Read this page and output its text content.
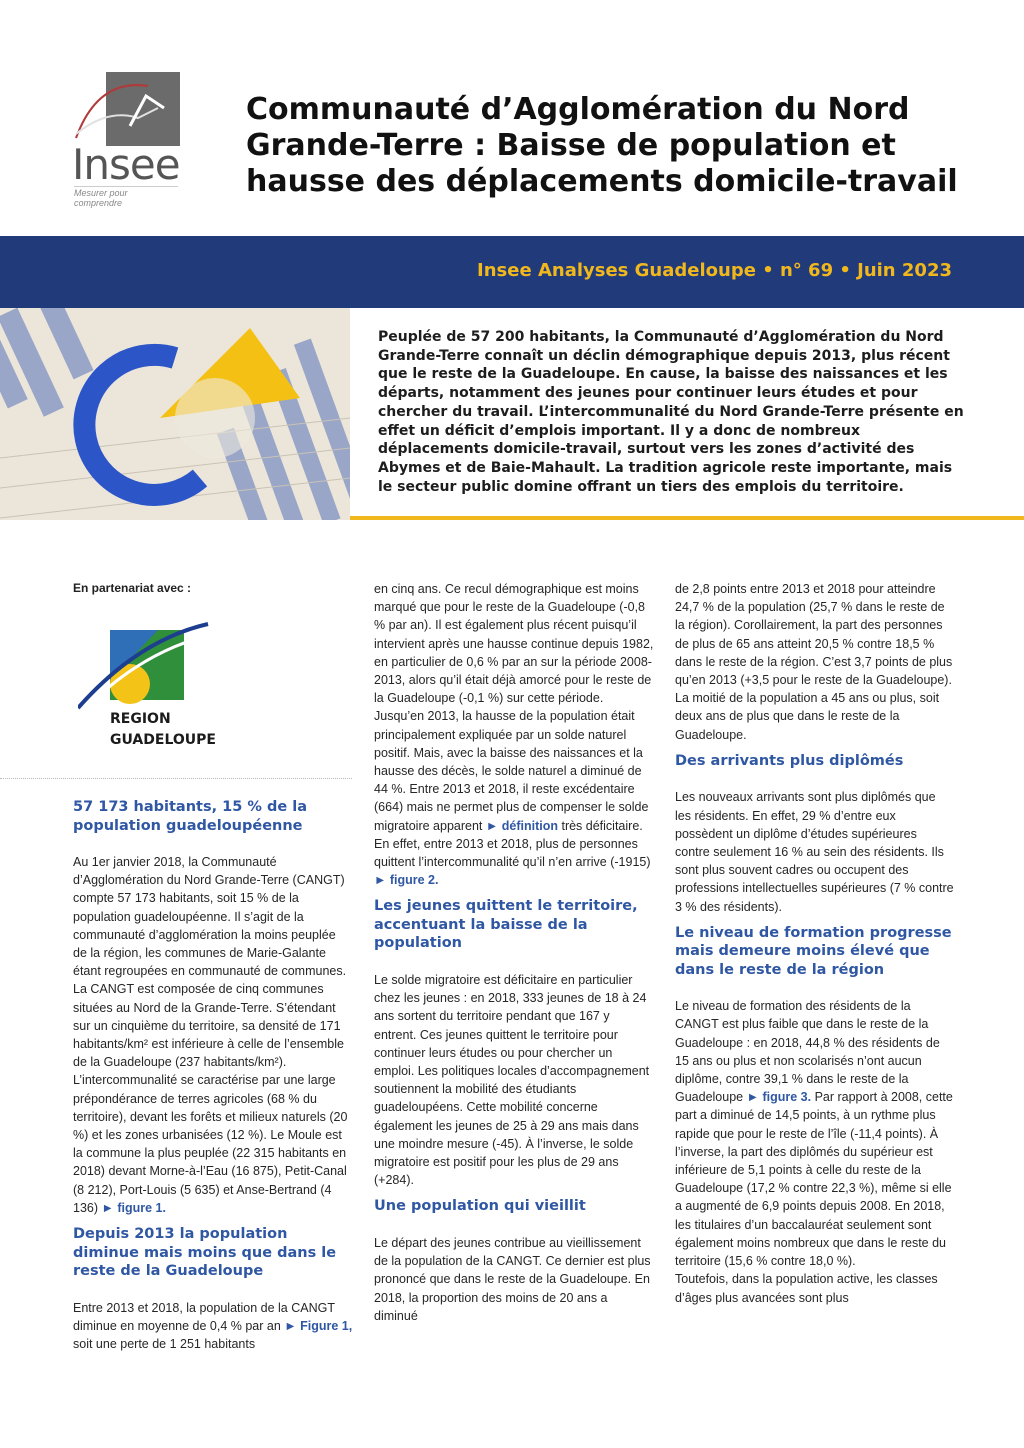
Insee
Mesurer pour comprendre
Communauté d’Agglomération du Nord Grande-Terre : Baisse de population et hausse des déplacements domicile-travail
Insee Analyses Guadeloupe • n° 69 • Juin 2023
Peuplée de 57 200 habitants, la Communauté d’Agglomération du Nord Grande-Terre connaît un déclin démographique depuis 2013, plus récent que le reste de la Guadeloupe. En cause, la baisse des naissances et les départs, notamment des jeunes pour continuer leurs études et pour chercher du travail. L’intercommunalité du Nord Grande-Terre présente en effet un déficit d’emplois important. Il y a donc de nombreux déplacements domicile-travail, surtout vers les zones d’activité des Abymes et de Baie-Mahault. La tradition agricole reste importante, mais le secteur public domine offrant un tiers des emplois du territoire.
En partenariat avec :
REGION
GUADELOUPE
57 173 habitants, 15 % de la population guadeloupéenne

Au 1er janvier 2018, la Communauté d’Agglomération du Nord Grande-Terre (CANGT) compte 57 173 habitants, soit 15 % de la population guadeloupéenne. Il s’agit de la communauté d’agglomération la moins peuplée de la région, les communes de Marie-Galante étant regroupées en communauté de communes. La CANGT est composée de cinq communes situées au Nord de la Grande-Terre. S’étendant sur un cinquième du territoire, sa densité de 171 habitants/km² est inférieure à celle de l’ensemble de la Guadeloupe (237 habitants/km²). L’intercommunalité se caractérise par une large prépondérance de terres agricoles (68 % du territoire), devant les forêts et milieux naturels (20 %) et les zones urbanisées (12 %). Le Moule est la commune la plus peuplée (22 315 habitants en 2018) devant Morne-à-l’Eau (16 875), Petit-Canal (8 212), Port-Louis (5 635) et Anse-Bertrand (4 136) ► figure 1.

Depuis 2013 la population diminue mais moins que dans le reste de la Guadeloupe

Entre 2013 et 2018, la population de la CANGT diminue en moyenne de 0,4 % par an ► Figure 1, soit une perte de 1 251 habitants

en cinq ans. Ce recul démographique est moins marqué que pour le reste de la Guadeloupe (-0,8 % par an). Il est également plus récent puisqu’il intervient après une hausse continue depuis 1982, en particulier de 0,6 % par an sur la période 2008-2013, alors qu’il était déjà amorcé pour le reste de la Guadeloupe (-0,1 %) sur cette période. Jusqu’en 2013, la hausse de la population était principalement expliquée par un solde naturel positif. Mais, avec la baisse des naissances et la hausse des décès, le solde naturel a diminué de 44 %. Entre 2013 et 2018, il reste excédentaire (664) mais ne permet plus de compenser le solde migratoire apparent ► définition très déficitaire. En effet, entre 2013 et 2018, plus de personnes quittent l’intercommunalité qu’il n’en arrive (-1915) ► figure 2.

Les jeunes quittent le territoire, accentuant la baisse de la population

Le solde migratoire est déficitaire en particulier chez les jeunes : en 2018, 333 jeunes de 18 à 24 ans sortent du territoire pendant que 167 y entrent. Ces jeunes quittent le territoire pour continuer leurs études ou pour chercher un emploi. Les politiques locales d’accompagnement soutiennent la mobilité des étudiants guadeloupéens. Cette mobilité concerne également les jeunes de 25 à 29 ans mais dans une moindre mesure (-45). À l’inverse, le solde migratoire est positif pour les plus de 29 ans (+284).

Une population qui vieillit

Le départ des jeunes contribue au vieillissement de la population de la CANGT. Ce dernier est plus prononcé que dans le reste de la Guadeloupe. En 2018, la proportion des moins de 20 ans a diminué

de 2,8 points entre 2013 et 2018 pour atteindre 24,7 % de la population (25,7 % dans le reste de la région). Corollairement, la part des personnes de plus de 65 ans atteint 20,5 % contre 18,5 % dans le reste de la région. C’est 3,7 points de plus qu’en 2013 (+3,5 pour le reste de la Guadeloupe). La moitié de la population a 45 ans ou plus, soit deux ans de plus que dans le reste de la Guadeloupe.

Des arrivants plus diplômés

Les nouveaux arrivants sont plus diplômés que les résidents. En effet, 29 % d’entre eux possèdent un diplôme d’études supérieures contre seulement 16 % au sein des résidents. Ils sont plus souvent cadres ou occupent des professions intellectuelles supérieures (7 % contre 3 % des résidents).

Le niveau de formation progresse mais demeure moins élevé que dans le reste de la région

Le niveau de formation des résidents de la CANGT est plus faible que dans le reste de la Guadeloupe : en 2018, 44,8 % des résidents de 15 ans ou plus et non scolarisés n’ont aucun diplôme, contre 39,1 % dans le reste de la Guadeloupe ► figure 3. Par rapport à 2008, cette part a diminué de 14,5 points, à un rythme plus rapide que pour le reste de l’île (-11,4 points). À l’inverse, la part des diplômés du supérieur est inférieure de 5,1 points à celle du reste de la Guadeloupe (17,2 % contre 22,3 %), même si elle a augmenté de 6,9 points depuis 2008. En 2018, les titulaires d’un baccalauréat seulement sont également moins nombreux que dans le reste du territoire (15,6 % contre 18,0 %).

Toutefois, dans la population active, les classes d’âges plus avancées sont plus
